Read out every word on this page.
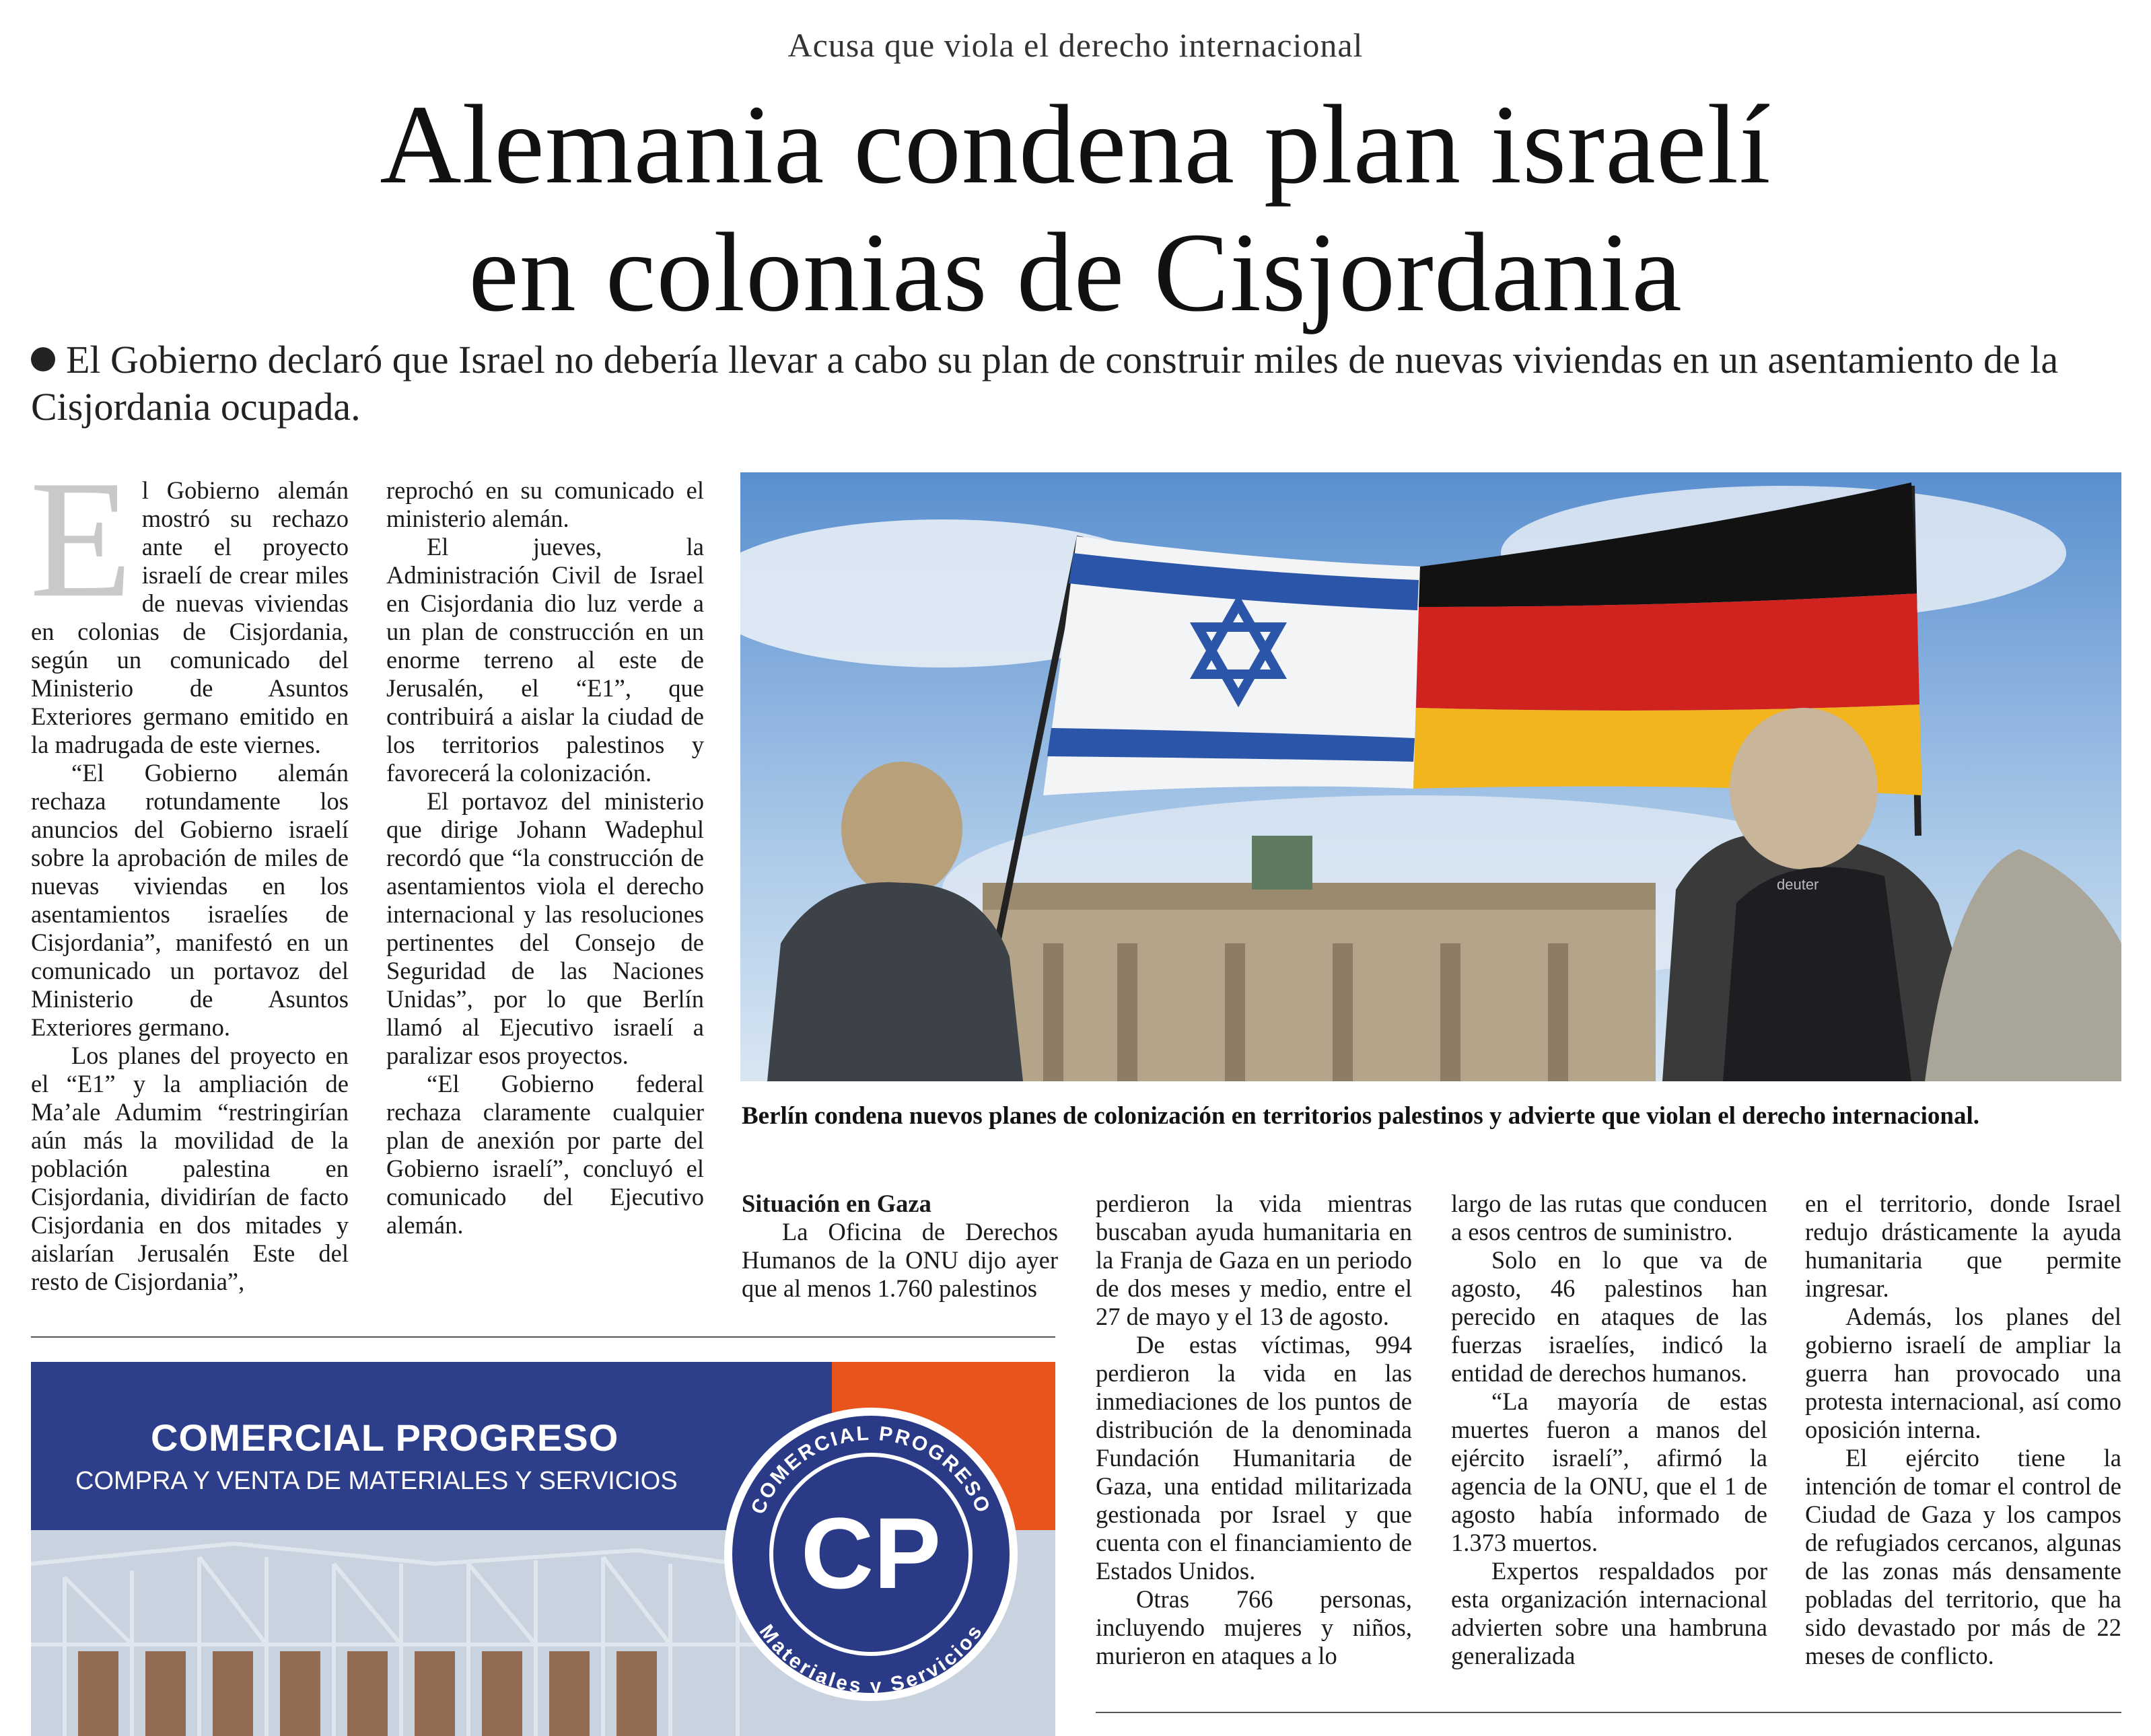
Acusa que viola el derecho internacional
Alemania condena plan israelí
en colonias de Cisjordania
El Gobierno declaró que Israel no debería llevar a cabo su plan de construir miles de nuevas viviendas en un asentamiento de la Cisjordania ocupada.

El Gobierno alemán mostró su rechazo ante el proyecto israelí de crear miles de nuevas viviendas en colonias de Cisjordania, según un comunicado del Ministerio de Asuntos Exteriores germano emitido en la madrugada de este viernes.

“El Gobierno alemán rechaza rotundamente los anuncios del Gobierno israelí sobre la aprobación de miles de nuevas viviendas en los asentamientos israelíes de Cisjordania”, manifestó en un comunicado un portavoz del Ministerio de Asuntos Exteriores germano.

Los planes del proyecto en el “E1” y la ampliación de Ma’ale Adumim “restringirían aún más la movilidad de la población palestina en Cisjordania, dividirían de facto Cisjordania en dos mitades y aislarían Jerusalén Este del resto de Cisjordania”,

reprochó en su comunicado el ministerio alemán.

El jueves, la Administración Civil de Israel en Cisjordania dio luz verde a un plan de construcción en un enorme terreno al este de Jerusalén, el “E1”, que contribuirá a aislar la ciudad de los territorios palestinos y favorecerá la colonización.

El portavoz del ministerio que dirige Johann Wadephul recordó que “la construcción de asentamientos viola el derecho internacional y las resoluciones pertinentes del Consejo de Seguridad de las Naciones Unidas”, por lo que Berlín llamó al Ejecutivo israelí a paralizar esos proyectos.

“El Gobierno federal rechaza claramente cualquier plan de anexión por parte del Gobierno israelí”, concluyó el comunicado del Ejecutivo alemán.

deuter
Berlín condena nuevos planes de colonización en territorios palestinos y advierte que violan el derecho internacional.

Situación en Gaza

La Oficina de Derechos Humanos de la ONU dijo ayer que al menos 1.760 palestinos

perdieron la vida mientras buscaban ayuda humanitaria en la Franja de Gaza en un periodo de dos meses y medio, entre el 27 de mayo y el 13 de agosto.

De estas víctimas, 994 perdieron la vida en las inmediaciones de los puntos de distribución de la denominada Fundación Humanitaria de Gaza, una entidad militarizada gestionada por Israel y que cuenta con el financiamiento de Estados Unidos.

Otras 766 personas, incluyendo mujeres y niños, murieron en ataques a lo

largo de las rutas que conducen a esos centros de suministro.

Solo en lo que va de agosto, 46 palestinos han perecido en ataques de las fuerzas israelíes, indicó la entidad de derechos humanos.

“La mayoría de estas muertes fueron a manos del ejército israelí”, afirmó la agencia de la ONU, que el 1 de agosto había informado de 1.373 muertos.

Expertos respaldados por esta organización internacional advierten sobre una hambruna generalizada

en el territorio, donde Israel redujo drásticamente la ayuda humanitaria que permite ingresar.

Además, los planes del gobierno israelí de ampliar la guerra han provocado una protesta internacional, así como oposición interna.

El ejército tiene la intención de tomar el control de Ciudad de Gaza y los campos de refugiados cercanos, algunas de las zonas más densamente pobladas del territorio, que ha sido devastado por más de 22 meses de conflicto.

COMERCIAL PROGRESO
COMPRA Y VENTA DE MATERIALES Y SERVICIOS
COMERCIAL PROGRESO
Materiales y Servicios
CP
